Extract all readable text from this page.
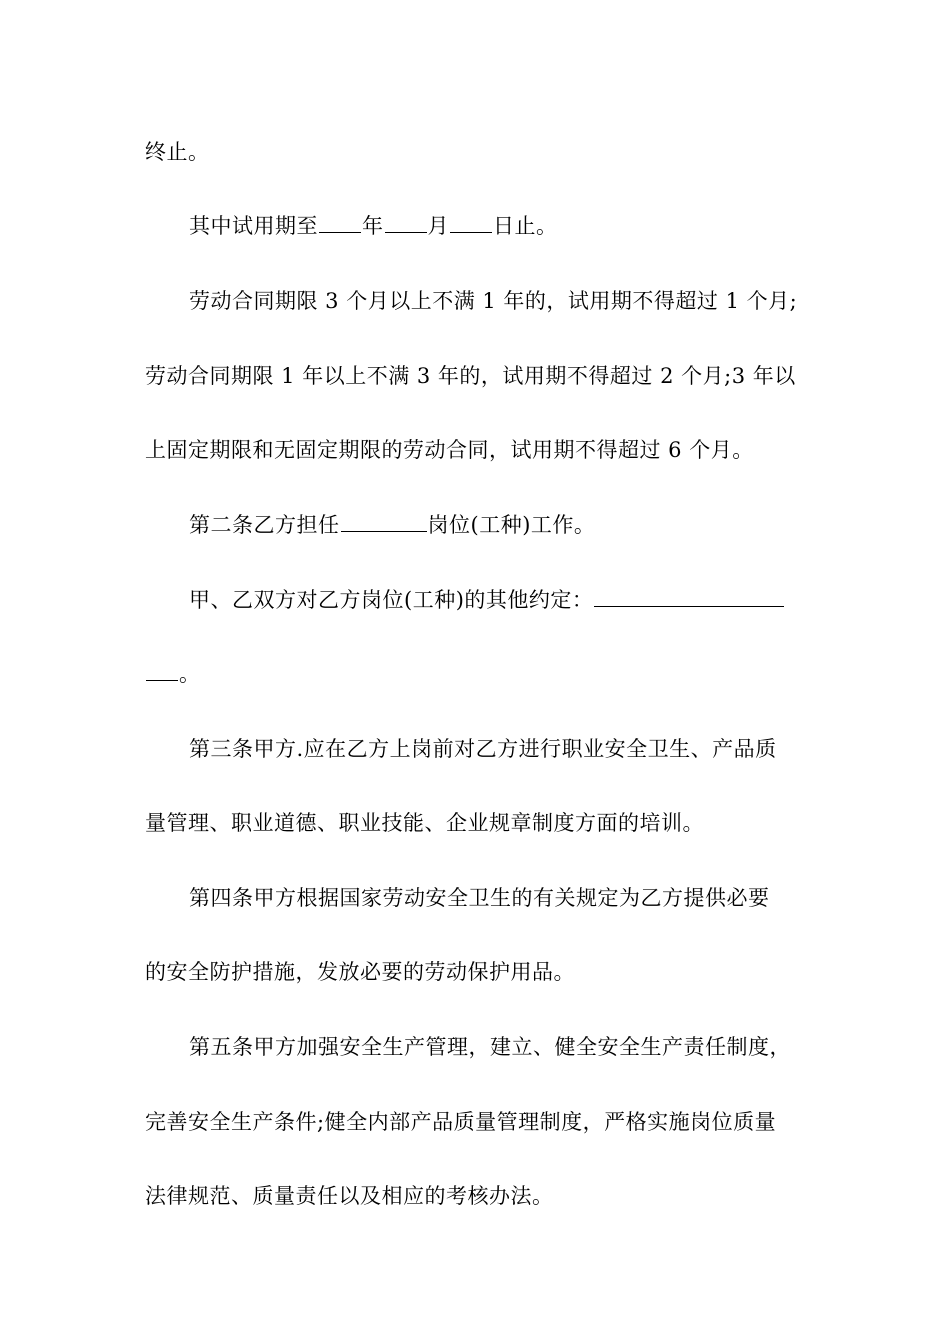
终止。
其中试用期至 年 月 日止。
劳动合同期限 3 个月以上不满 1 年的，试用期不得超过 1 个月;
劳动合同期限 1 年以上不满 3 年的，试用期不得超过 2 个月;3 年以
上固定期限和无固定期限的劳动合同，试用期不得超过 6 个月。
第二条乙方担任	岗位(工种)工作。
甲、乙双方对乙方岗位(工种)的其他约定：
。
第三条甲方.应在乙方上岗前对乙方进行职业安全卫生、产品质
量管理、职业道德、职业技能、企业规章制度方面的培训。
第四条甲方根据国家劳动安全卫生的有关规定为乙方提供必要
的安全防护措施，发放必要的劳动保护用品。
第五条甲方加强安全生产管理，建立、健全安全生产责任制度，
完善安全生产条件;健全内部产品质量管理制度，严格实施岗位质量
法律规范、质量责任以及相应的考核办法。
